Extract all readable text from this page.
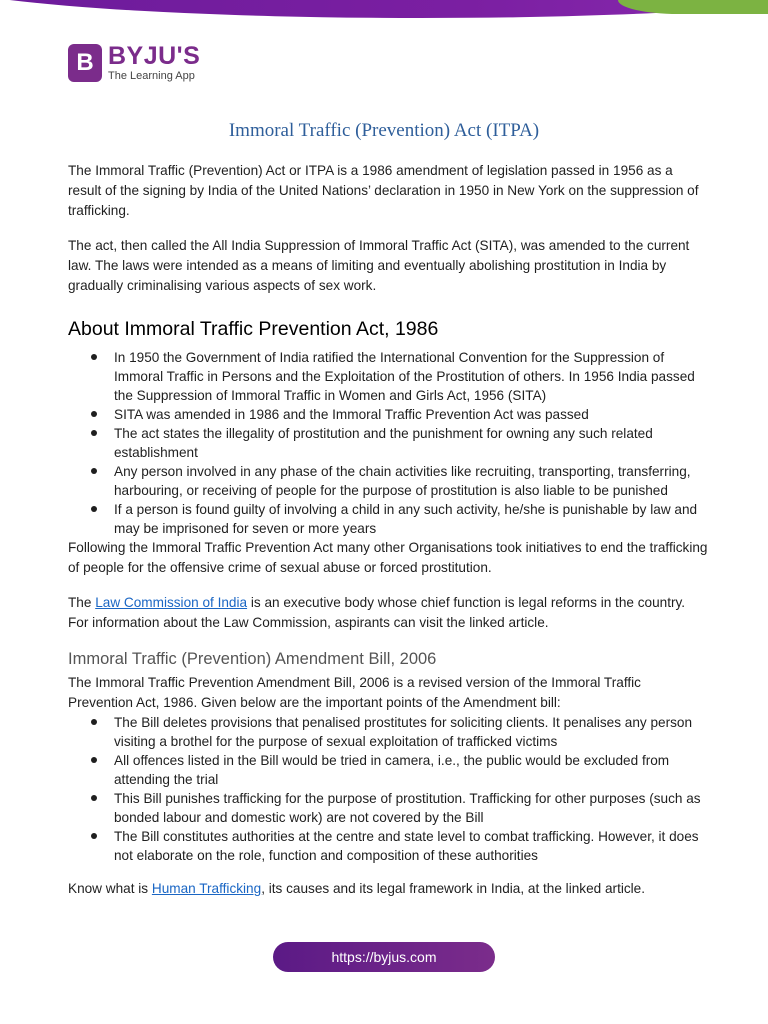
B BYJU'S
The Learning App
Immoral Traffic (Prevention) Act (ITPA)

The Immoral Traffic (Prevention) Act or ITPA is a 1986 amendment of legislation passed in 1956 as a result of the signing by India of the United Nations’ declaration in 1950 in New York on the suppression of trafficking.

The act, then called the All India Suppression of Immoral Traffic Act (SITA), was amended to the current law. The laws were intended as a means of limiting and eventually abolishing prostitution in India by gradually criminalising various aspects of sex work.

About Immoral Traffic Prevention Act, 1986
In 1950 the Government of India ratified the International Convention for the Suppression of Immoral Traffic in Persons and the Exploitation of the Prostitution of others. In 1956 India passed the Suppression of Immoral Traffic in Women and Girls Act, 1956 (SITA)
SITA was amended in 1986 and the Immoral Traffic Prevention Act was passed
The act states the illegality of prostitution and the punishment for owning any such related establishment
Any person involved in any phase of the chain activities like recruiting, transporting, transferring, harbouring, or receiving of people for the purpose of prostitution is also liable to be punished
If a person is found guilty of involving a child in any such activity, he/she is punishable by law and may be imprisoned for seven or more years

Following the Immoral Traffic Prevention Act many other Organisations took initiatives to end the trafficking of people for the offensive crime of sexual abuse or forced prostitution.

The Law Commission of India is an executive body whose chief function is legal reforms in the country. For information about the Law Commission, aspirants can visit the linked article.

Immoral Traffic (Prevention) Amendment Bill, 2006

The Immoral Traffic Prevention Amendment Bill, 2006 is a revised version of the Immoral Traffic Prevention Act, 1986. Given below are the important points of the Amendment bill:

The Bill deletes provisions that penalised prostitutes for soliciting clients. It penalises any person visiting a brothel for the purpose of sexual exploitation of trafficked victims
All offences listed in the Bill would be tried in camera, i.e., the public would be excluded from attending the trial
This Bill punishes trafficking for the purpose of prostitution. Trafficking for other purposes (such as bonded labour and domestic work) are not covered by the Bill
The Bill constitutes authorities at the centre and state level to combat trafficking. However, it does not elaborate on the role, function and composition of these authorities

Know what is Human Trafficking, its causes and its legal framework in India, at the linked article.

https://byjus.com
